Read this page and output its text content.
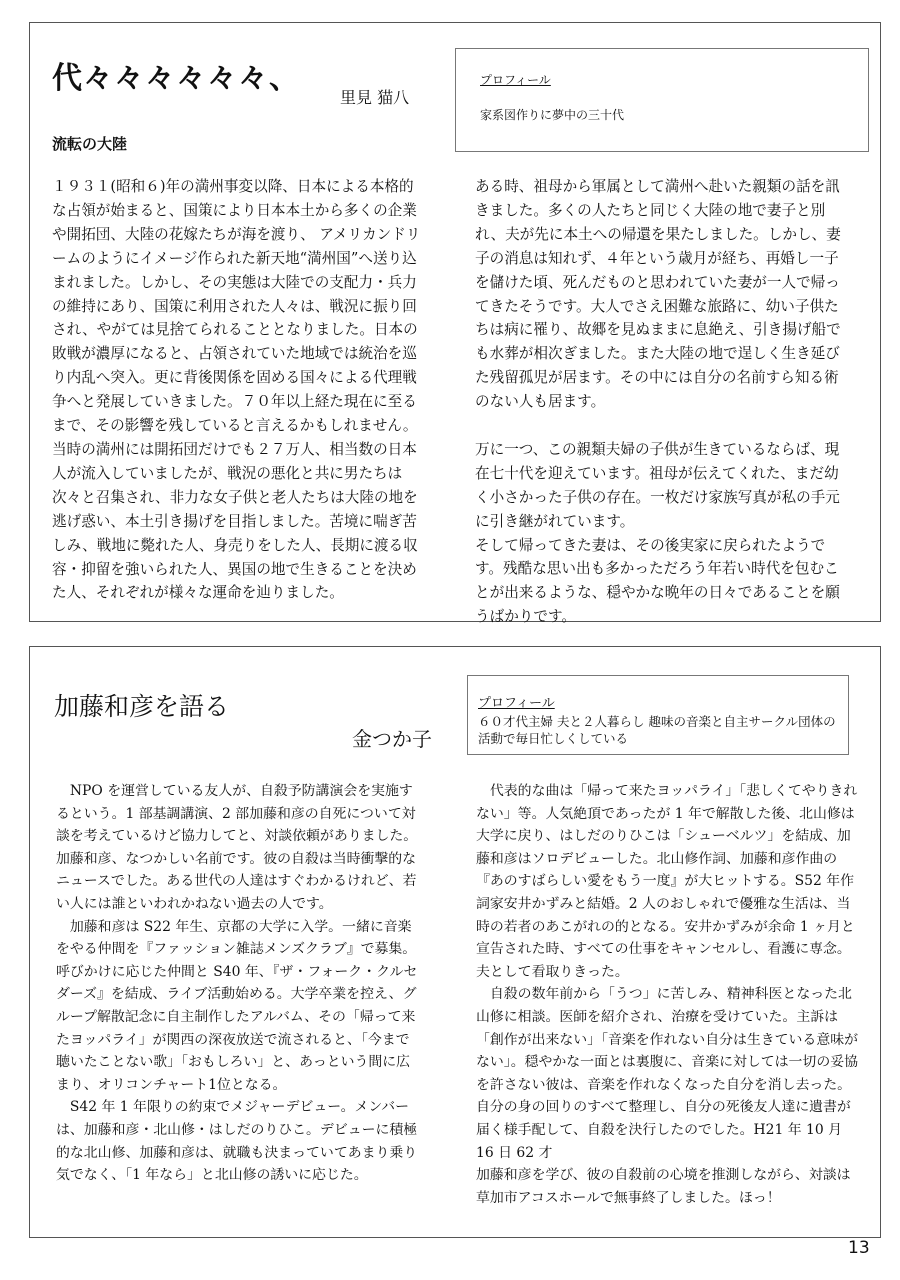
代々々々々々々、
里見 猫八
流転の大陸
プロフィール
家系図作りに夢中の三十代

１９３１(昭和６)年の満州事変以降、日本による本格的な占領が始まると、国策により日本本土から多くの企業や開拓団、大陸の花嫁たちが海を渡り、 アメリカンドリームのようにイメージ作られた新天地“満州国”へ送り込まれました。しかし、その実態は大陸での支配力・兵力の維持にあり、国策に利用された人々は、戦況に振り回され、やがては見捨てられることとなりました。日本の敗戦が濃厚になると、占領されていた地域では統治を巡り内乱へ突入。更に背後関係を固める国々による代理戦争へと発展していきました。７０年以上経た現在に至るまで、その影響を残していると言えるかもしれません。

当時の満州には開拓団だけでも２７万人、相当数の日本人が流入していましたが、戦況の悪化と共に男たちは次々と召集され、非力な女子供と老人たちは大陸の地を逃げ惑い、本土引き揚げを目指しました。苦境に喘ぎ苦しみ、戦地に斃れた人、身売りをした人、長期に渡る収容・抑留を強いられた人、異国の地で生きることを決めた人、それぞれが様々な運命を辿りました。

ある時、祖母から軍属として満州へ赴いた親類の話を訊きました。多くの人たちと同じく大陸の地で妻子と別れ、夫が先に本土への帰還を果たしました。しかし、妻子の消息は知れず、４年という歳月が経ち、再婚し一子を儲けた頃、死んだものと思われていた妻が一人で帰ってきたそうです。大人でさえ困難な旅路に、幼い子供たちは病に罹り、故郷を見ぬままに息絶え、引き揚げ船でも水葬が相次ぎました。また大陸の地で逞しく生き延びた残留孤児が居ます。その中には自分の名前すら知る術のない人も居ます。

万に一つ、この親類夫婦の子供が生きているならば、現在七十代を迎えています。祖母が伝えてくれた、まだ幼く小さかった子供の存在。一枚だけ家族写真が私の手元に引き継がれています。

そして帰ってきた妻は、その後実家に戻られたようです。残酷な思い出も多かっただろう年若い時代を包むことが出来るような、穏やかな晩年の日々であることを願うばかりです。

加藤和彦を語る
金つか子
プロフィール
６０才代主婦 夫と２人暮らし 趣味の音楽と自主サークル団体の活動で毎日忙しくしている

NPO を運営している友人が、自殺予防講演会を実施するという。1 部基調講演、2 部加藤和彦の自死について対談を考えているけど協力してと、対談依頼がありました。加藤和彦、なつかしい名前です。彼の自殺は当時衝撃的なニュースでした。ある世代の人達はすぐわかるけれど、若い人には誰といわれかねない過去の人です。

加藤和彦は S22 年生、京都の大学に入学。一緒に音楽をやる仲間を『ファッション雑誌メンズクラブ』で募集。呼びかけに応じた仲間と S40 年、『ザ・フォーク・クルセダーズ』を結成、ライブ活動始める。大学卒業を控え、グループ解散記念に自主制作したアルバム、その「帰って来たヨッパライ」が関西の深夜放送で流されると、「今まで聴いたことない歌」「おもしろい」と、あっという間に広まり、オリコンチャート1位となる。

S42 年 1 年限りの約束でメジャーデビュー。メンバーは、加藤和彦・北山修・はしだのりひこ。デビューに積極的な北山修、加藤和彦は、就職も決まっていてあまり乗り気でなく、「1 年なら」と北山修の誘いに応じた。

代表的な曲は「帰って来たヨッパライ」「悲しくてやりきれない」等。人気絶頂であったが 1 年で解散した後、北山修は大学に戻り、はしだのりひこは「シューベルツ」を結成、加藤和彦はソロデビューした。北山修作詞、加藤和彦作曲の『あのすばらしい愛をもう一度』が大ヒットする。S52 年作詞家安井かずみと結婚。2 人のおしゃれで優雅な生活は、当時の若者のあこがれの的となる。安井かずみが余命 1 ヶ月と宣告された時、すべての仕事をキャンセルし、看護に専念。夫として看取りきった。

自殺の数年前から「うつ」に苦しみ、精神科医となった北山修に相談。医師を紹介され、治療を受けていた。主訴は「創作が出来ない」「音楽を作れない自分は生きている意味がない」。穏やかな一面とは裏腹に、音楽に対しては一切の妥協を許さない彼は、音楽を作れなくなった自分を消し去った。自分の身の回りのすべて整理し、自分の死後友人達に遺書が届く様手配して、自殺を決行したのでした。H21 年 10 月 16 日 62 才

加藤和彦を学び、彼の自殺前の心境を推測しながら、対談は草加市アコスホールで無事終了しました。ほっ！

13
